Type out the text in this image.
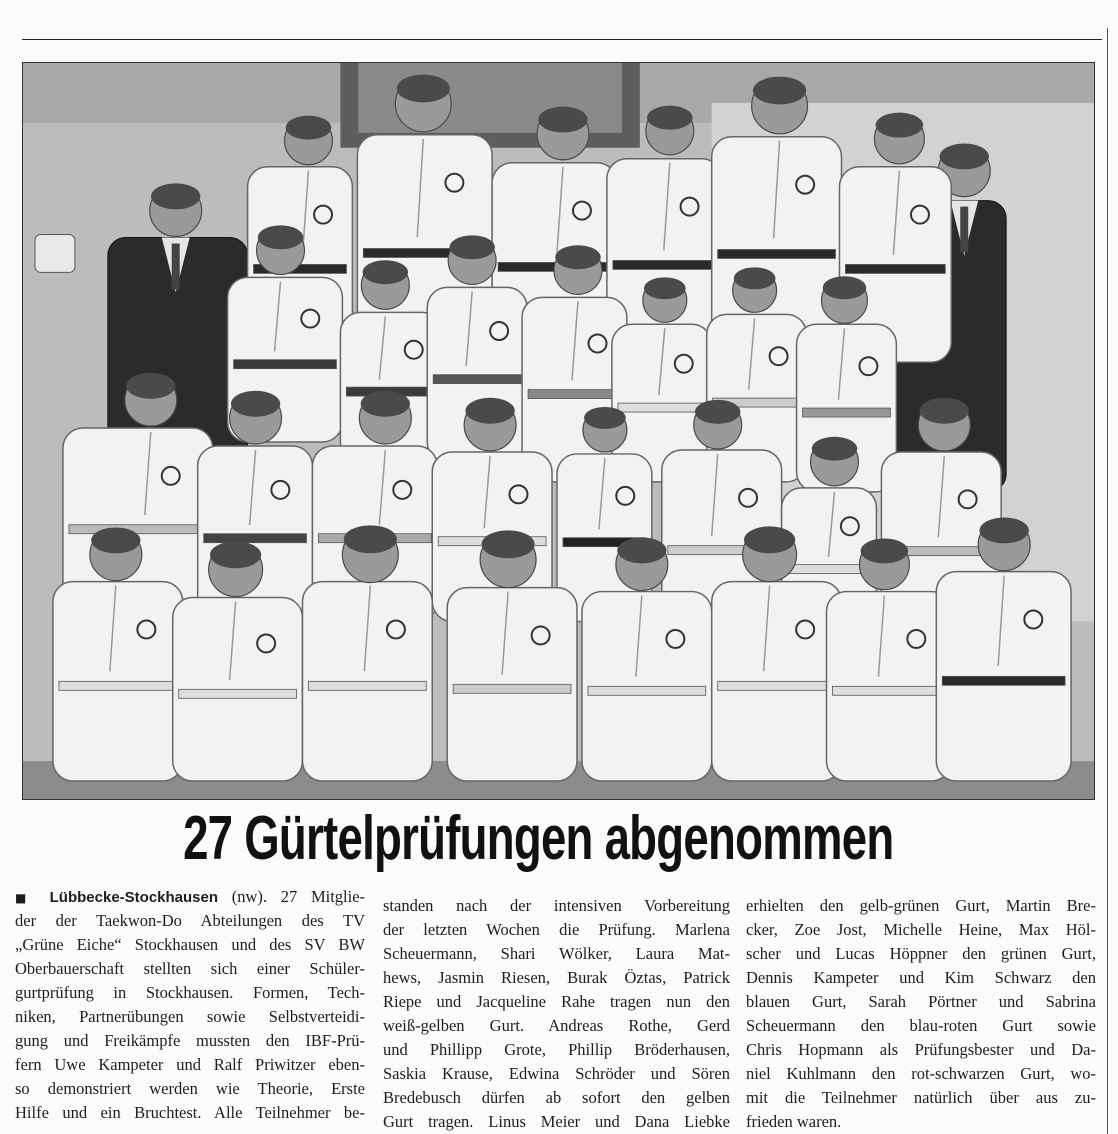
27 Gürtelprüfungen abgenommen
■ Lübbecke-Stockhausen (nw). 27 Mitglie-
der der Taekwon-Do Abteilungen des TV
„Grüne Eiche“ Stockhausen und des SV BW
Oberbauerschaft stellten sich einer Schüler-
gurtprüfung in Stockhausen. Formen, Tech-
niken, Partnerübungen sowie Selbstverteidi-
gung und Freikämpfe mussten den IBF-Prü-
fern Uwe Kampeter und Ralf Priwitzer eben-
so demonstriert werden wie Theorie, Erste
Hilfe und ein Bruchtest. Alle Teilnehmer be-
standen nach der intensiven Vorbereitung
der letzten Wochen die Prüfung. Marlena
Scheuermann, Shari Wölker, Laura Mat-
hews, Jasmin Riesen, Burak Öztas, Patrick
Riepe und Jacqueline Rahe tragen nun den
weiß-gelben Gurt. Andreas Rothe, Gerd
und Phillipp Grote, Phillip Bröderhausen,
Saskia Krause, Edwina Schröder und Sören
Bredebusch dürfen ab sofort den gelben
Gurt tragen. Linus Meier und Dana Liebke
erhielten den gelb-grünen Gurt, Martin Bre-
cker, Zoe Jost, Michelle Heine, Max Höl-
scher und Lucas Höppner den grünen Gurt,
Dennis Kampeter und Kim Schwarz den
blauen Gurt, Sarah Pörtner und Sabrina
Scheuermann den blau-roten Gurt sowie
Chris Hopmann als Prüfungsbester und Da-
niel Kuhlmann den rot-schwarzen Gurt, wo-
mit die Teilnehmer natürlich über aus zu-
frieden waren.
